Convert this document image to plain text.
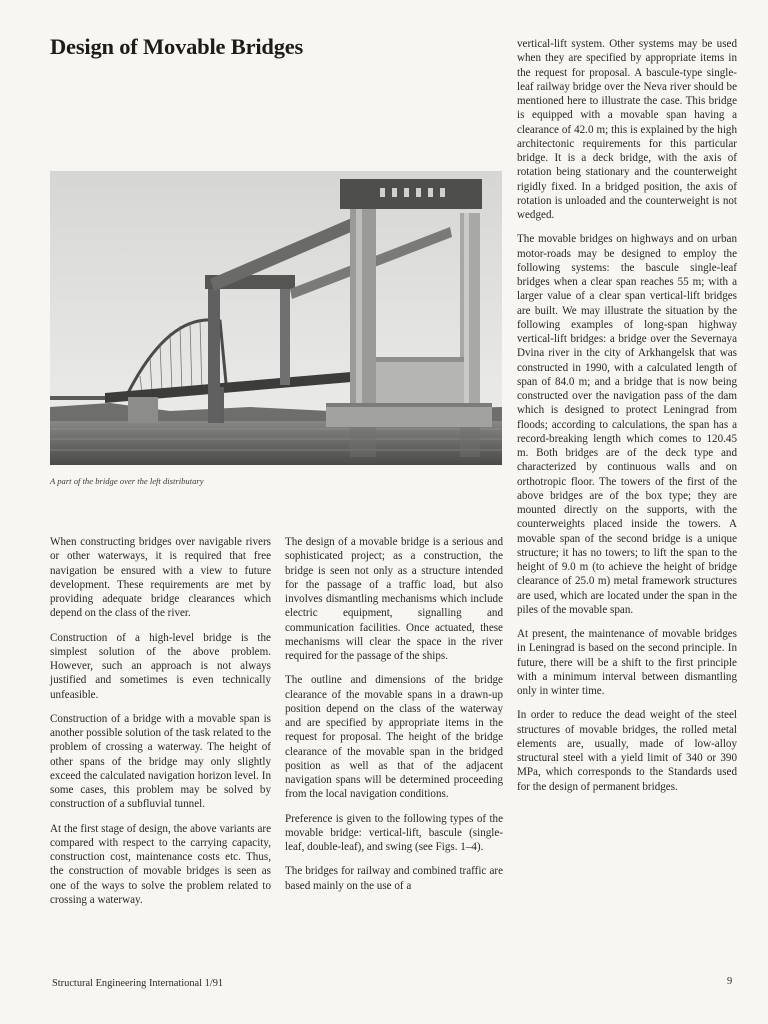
Design of Movable Bridges

A part of the bridge over the left distributary

When constructing bridges over navigable rivers or other waterways, it is required that free navigation be ensured with a view to future development. These requirements are met by providing adequate bridge clearances which depend on the class of the river.

Construction of a high-level bridge is the simplest solution of the above problem. However, such an approach is not always justified and sometimes is even technically unfeasible.

Construction of a bridge with a movable span is another possible solution of the task related to the problem of crossing a waterway. The height of other spans of the bridge may only slightly exceed the calculated navigation horizon level. In some cases, this problem may be solved by construction of a subfluvial tunnel.

At the first stage of design, the above variants are compared with respect to the carrying capacity, construction cost, maintenance costs etc. Thus, the construction of movable bridges is seen as one of the ways to solve the problem related to crossing a waterway.

The design of a movable bridge is a serious and sophisticated project; as a construction, the bridge is seen not only as a structure intended for the passage of a traffic load, but also involves dismantling mechanisms which include electric equipment, signalling and communication facilities. Once actuated, these mechanisms will clear the space in the river required for the passage of the ships.

The outline and dimensions of the bridge clearance of the movable spans in a drawn-up position depend on the class of the waterway and are specified by appropriate items in the request for proposal. The height of the bridge clearance of the movable span in the bridged position as well as that of the adjacent navigation spans will be determined proceeding from the local navigation conditions.

Preference is given to the following types of the movable bridge: vertical-lift, bascule (single-leaf, double-leaf), and swing (see Figs. 1–4).

The bridges for railway and combined traffic are based mainly on the use of a

vertical-lift system. Other systems may be used when they are specified by appropriate items in the request for proposal. A bascule-type single-leaf railway bridge over the Neva river should be mentioned here to illustrate the case. This bridge is equipped with a movable span having a clearance of 42.0 m; this is explained by the high architectonic requirements for this particular bridge. It is a deck bridge, with the axis of rotation being stationary and the counterweight rigidly fixed. In a bridged position, the axis of rotation is unloaded and the counterweight is not wedged.

The movable bridges on highways and on urban motor-roads may be designed to employ the following systems: the bascule single-leaf bridges when a clear span reaches 55 m; with a larger value of a clear span vertical-lift bridges are built. We may illustrate the situation by the following examples of long-span highway vertical-lift bridges: a bridge over the Severnaya Dvina river in the city of Arkhangelsk that was constructed in 1990, with a calculated length of span of 84.0 m; and a bridge that is now being constructed over the navigation pass of the dam which is designed to protect Leningrad from floods; according to calculations, the span has a record-breaking length which comes to 120.45 m. Both bridges are of the deck type and characterized by continuous walls and on orthotropic floor. The towers of the first of the above bridges are of the box type; they are mounted directly on the supports, with the counterweights placed inside the towers. A movable span of the second bridge is a unique structure; it has no towers; to lift the span to the height of 9.0 m (to achieve the height of bridge clearance of 25.0 m) metal framework structures are used, which are located under the span in the piles of the movable span.

At present, the maintenance of movable bridges in Leningrad is based on the second principle. In future, there will be a shift to the first principle with a minimum interval between dismantling only in winter time.

In order to reduce the dead weight of the steel structures of movable bridges, the rolled metal elements are, usually, made of low-alloy structural steel with a yield limit of 340 or 390 MPa, which corresponds to the Standards used for the design of permanent bridges.

Structural Engineering International 1/91	9
